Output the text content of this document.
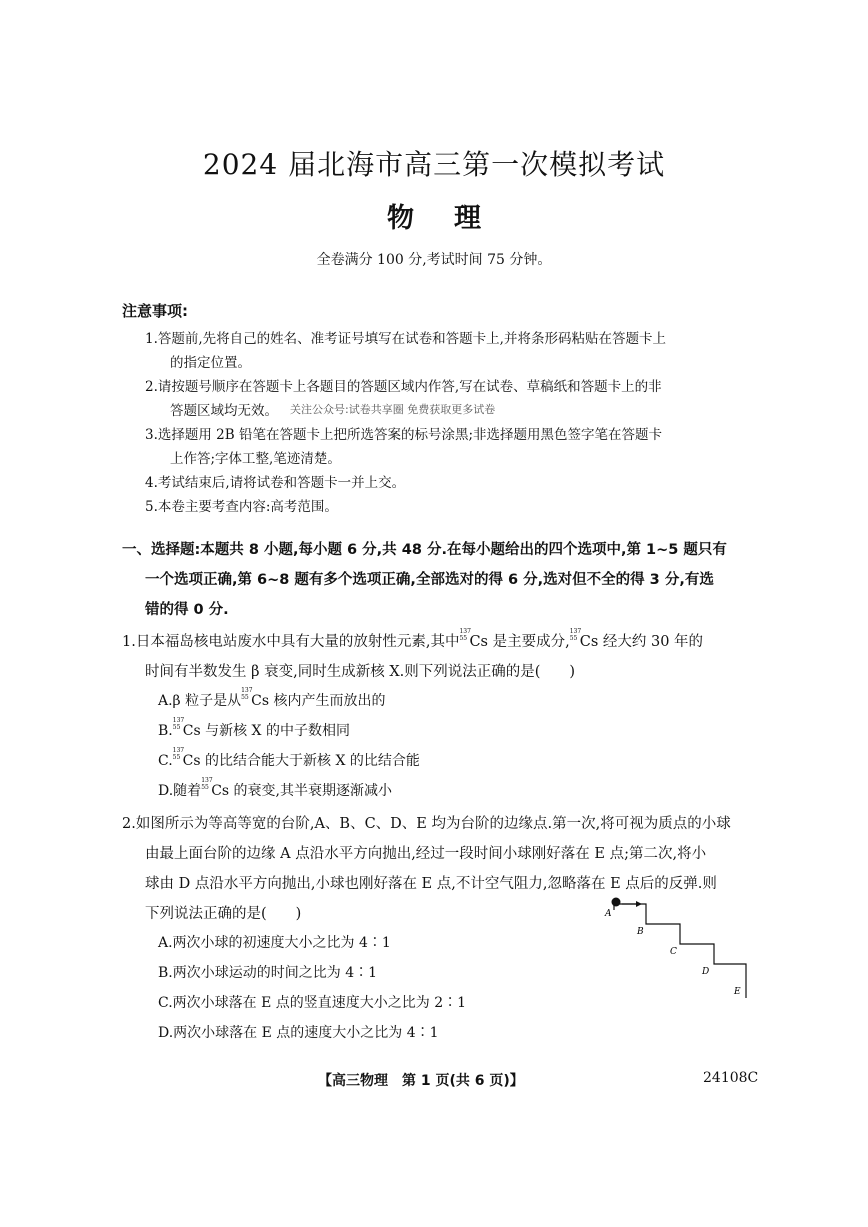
2024 届北海市高三第一次模拟考试
物理
全卷满分 100 分,考试时间 75 分钟。
注意事项:
1.答题前,先将自己的姓名、准考证号填写在试卷和答题卡上,并将条形码粘贴在答题卡上
的指定位置。
2.请按题号顺序在答题卡上各题目的答题区域内作答,写在试卷、草稿纸和答题卡上的非
答题区域均无效。 关注公众号:试卷共享圈 免费获取更多试卷
3.选择题用 2B 铅笔在答题卡上把所选答案的标号涂黑;非选择题用黑色签字笔在答题卡
上作答;字体工整,笔迹清楚。
4.考试结束后,请将试卷和答题卡一并上交。
5.本卷主要考查内容:高考范围。
一、选择题:本题共 8 小题,每小题 6 分,共 48 分.在每小题给出的四个选项中,第 1~5 题只有
一个选项正确,第 6~8 题有多个选项正确,全部选对的得 6 分,选对但不全的得 3 分,有选
错的得 0 分.
1.日本福岛核电站废水中具有大量的放射性元素,其中
137
55 Cs 是主要成分,
137
55 Cs 经大约 30 年的
时间有半数发生 β 衰变,同时生成新核 X.则下列说法正确的是(　　)
A.β 粒子是从
137
55 Cs 核内产生而放出的
B.
137
55 Cs 与新核 X 的中子数相同
C.
137
55 Cs 的比结合能大于新核 X 的比结合能
D.随着
137
55 Cs 的衰变,其半衰期逐渐减小
2.如图所示为等高等宽的台阶,A、B、C、D、E 均为台阶的边缘点.第一次,将可视为质点的小球
由最上面台阶的边缘 A 点沿水平方向抛出,经过一段时间小球刚好落在 E 点;第二次,将小
球由 D 点沿水平方向抛出,小球也刚好落在 E 点,不计空气阻力,忽略落在 E 点后的反弹.则
下列说法正确的是(　　)
A.两次小球的初速度大小之比为 4∶1
B.两次小球运动的时间之比为 4∶1
C.两次小球落在 E 点的竖直速度大小之比为 2∶1
D.两次小球落在 E 点的速度大小之比为 4∶1
A
B
C
D
E
【高三物理　第 1 页(共 6 页)】	24108C
